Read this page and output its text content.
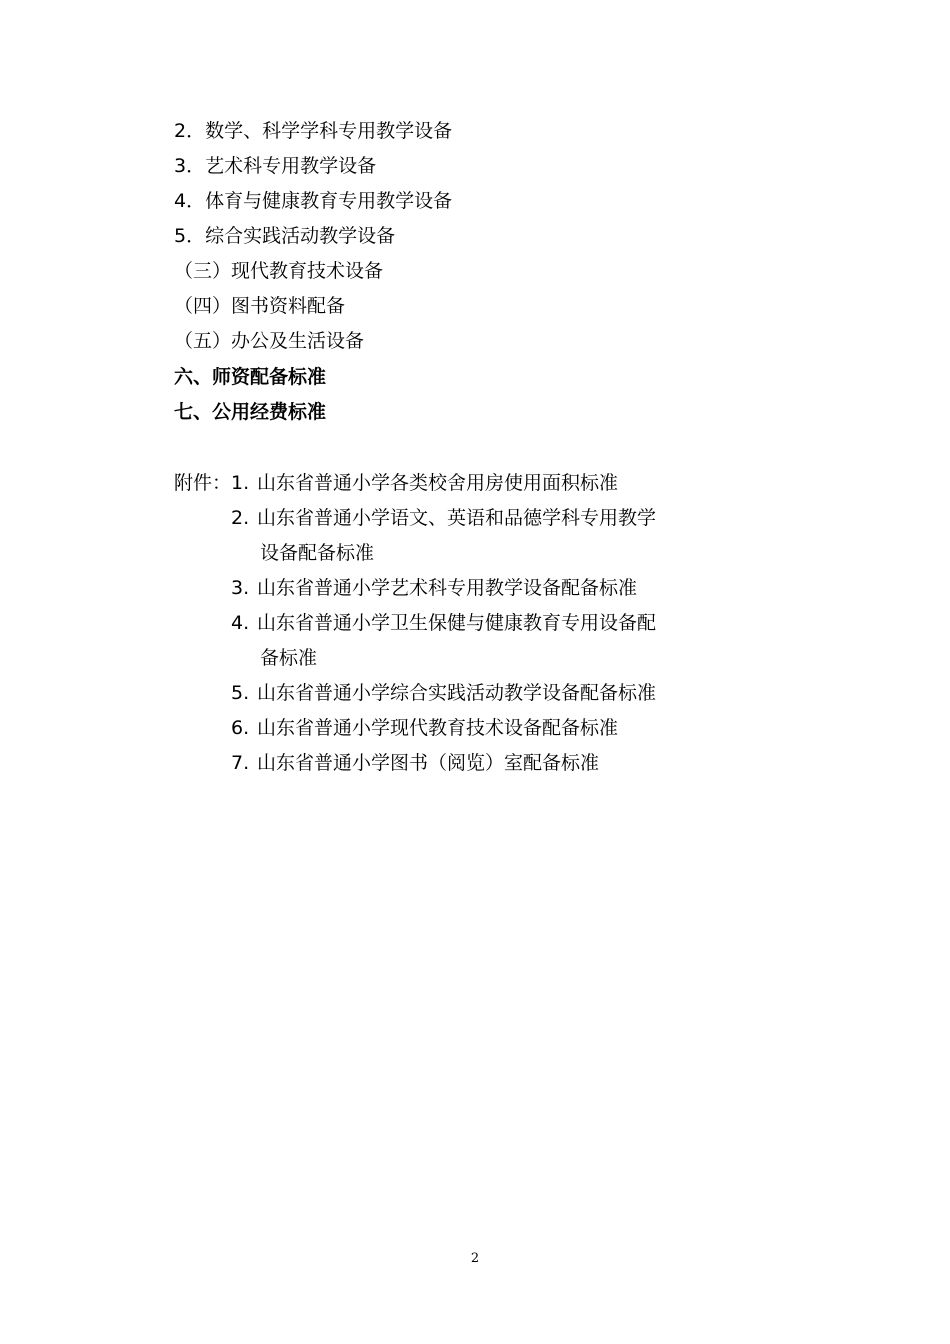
2．数学、科学学科专用教学设备
3．艺术科专用教学设备
4．体育与健康教育专用教学设备
5．综合实践活动教学设备
（三）现代教育技术设备
（四）图书资料配备
（五）办公及生活设备
六、师资配备标准
七、公用经费标准
附件： 1. 山东省普通小学各类校舍用房使用面积标准
2. 山东省普通小学语文、英语和品德学科专用教学
设备配备标准
3. 山东省普通小学艺术科专用教学设备配备标准
4. 山东省普通小学卫生保健与健康教育专用设备配
备标准
5. 山东省普通小学综合实践活动教学设备配备标准
6. 山东省普通小学现代教育技术设备配备标准
7. 山东省普通小学图书（阅览）室配备标准
2
